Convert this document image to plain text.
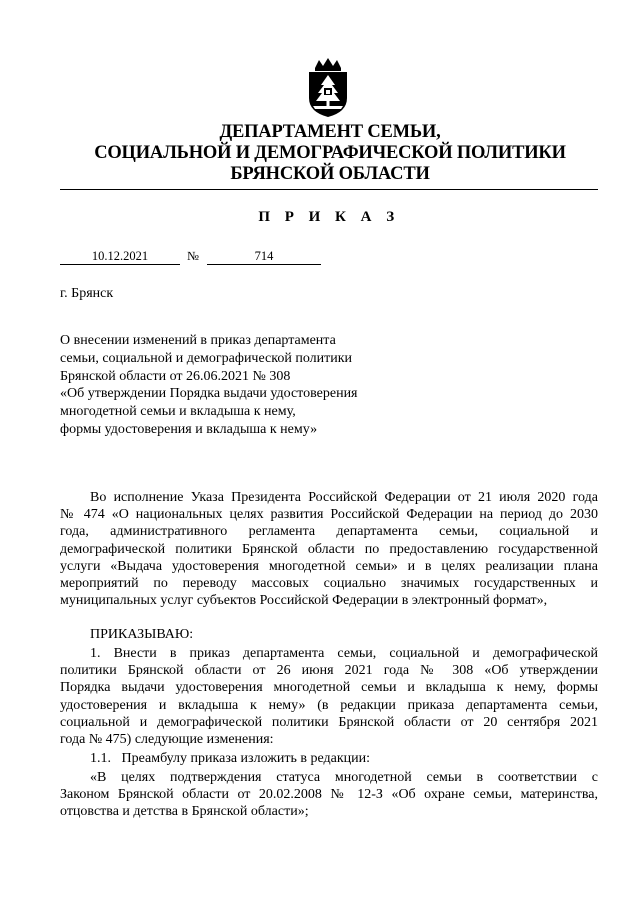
ДЕПАРТАМЕНТ СЕМЬИ,
СОЦИАЛЬНОЙ И ДЕМОГРАФИЧЕСКОЙ ПОЛИТИКИ
БРЯНСКОЙ ОБЛАСТИ
П Р И К А З
10.12.2021	№	714
г. Брянск
О внесении изменений в приказ департамента
семьи, социальной и демографической политики
Брянской области от 26.06.2021 № 308
«Об утверждении Порядка выдачи удостоверения
многодетной семьи и вкладыша к нему,
формы удостоверения и вкладыша к нему»
Во исполнение Указа Президента Российской Федерации от 21 июля 2020 года
№ 474 «О национальных целях развития Российской Федерации на период до 2030
года, административного регламента департамента семьи, социальной и
демографической политики Брянской области по предоставлению государственной
услуги «Выдача удостоверения многодетной семьи» и в целях реализации плана
мероприятий по переводу массовых социально значимых государственных и
муниципальных услуг субъектов Российской Федерации в электронный формат»,
ПРИКАЗЫВАЮ:
1. Внести в приказ департамента семьи, социальной и демографической
политики Брянской области от 26 июня 2021 года № 308 «Об утверждении
Порядка выдачи удостоверения многодетной семьи и вкладыша к нему, формы
удостоверения и вкладыша к нему» (в редакции приказа департамента семьи,
социальной и демографической политики Брянской области от 20 сентября 2021
года № 475) следующие изменения:
1.1.   Преамбулу приказа изложить в редакции:
«В целях подтверждения статуса многодетной семьи в соответствии с
Законом Брянской области от 20.02.2008 № 12-З «Об охране семьи, материнства,
отцовства и детства в Брянской области»;
